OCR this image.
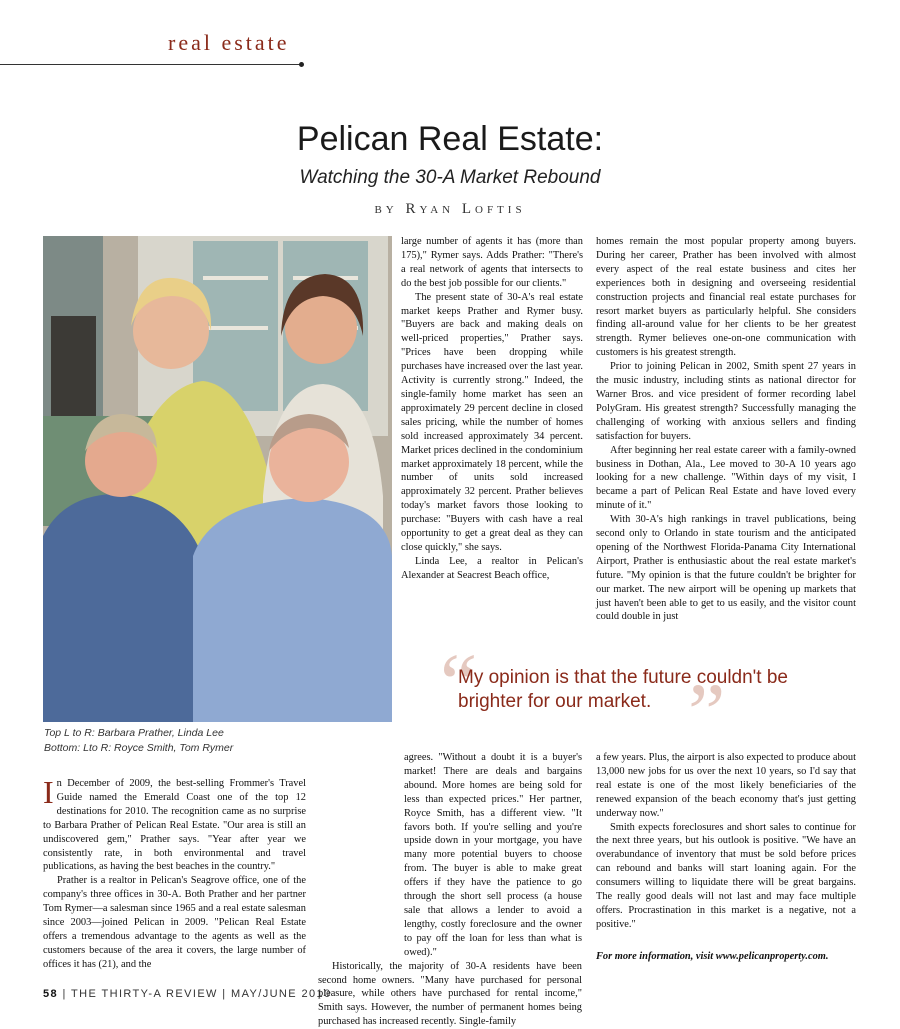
real estate
Pelican Real Estate:
Watching the 30-A Market Rebound
by Ryan Loftis
Top L to R: Barbara Prather, Linda Lee
Bottom: Lto R: Royce Smith, Tom Rymer

In December of 2009, the best-selling Frommer's Travel Guide named the Emerald Coast one of the top 12 destinations for 2010. The recognition came as no surprise to Barbara Prather of Pelican Real Estate. "Our area is still an undiscovered gem," Prather says. "Year after year we consistently rate, in both environmental and travel publications, as having the best beaches in the country."

Prather is a realtor in Pelican's Seagrove office, one of the company's three offices in 30-A. Both Prather and her partner Tom Rymer—a salesman since 1965 and a real estate salesman since 2003—joined Pelican in 2009. "Pelican Real Estate offers a tremendous advantage to the agents as well as the customers because of the area it covers, the large number of offices it has (21), and the

large number of agents it has (more than 175)," Rymer says. Adds Prather: "There's a real network of agents that intersects to do the best job possible for our clients."

The present state of 30-A's real estate market keeps Prather and Rymer busy. "Buyers are back and making deals on well-priced properties," Prather says. "Prices have been dropping while purchases have increased over the last year. Activity is currently strong." Indeed, the single-family home market has seen an approximately 29 percent decline in closed sales pricing, while the number of homes sold increased approximately 34 percent. Market prices declined in the condominium market approximately 18 percent, while the number of units sold increased approximately 32 percent. Prather believes today's market favors those looking to purchase: "Buyers with cash have a real opportunity to get a great deal as they can close quickly," she says.

Linda Lee, a realtor in Pelican's Alexander at Seacrest Beach office,

agrees. "Without a doubt it is a buyer's market! There are deals and bargains abound. More homes are being sold for less than expected prices." Her partner, Royce Smith, has a different view. "It favors both. If you're selling and you're upside down in your mortgage, you have many more potential buyers to choose from. The buyer is able to make great offers if they have the patience to go through the short sell process (a house sale that allows a lender to avoid a lengthy, costly foreclosure and the owner to pay off the loan for less than what is owed)."

Historically, the majority of 30-A residents have been second home owners. "Many have purchased for personal pleasure, while others have purchased for rental income," Smith says. However, the number of permanent homes being purchased has increased recently. Single-family

homes remain the most popular property among buyers. During her career, Prather has been involved with almost every aspect of the real estate business and cites her experiences both in designing and overseeing residential construction projects and financial real estate purchases for resort market buyers as particularly helpful. She considers finding all-around value for her clients to be her greatest strength. Rymer believes one-on-one communication with customers is his greatest strength.

Prior to joining Pelican in 2002, Smith spent 27 years in the music industry, including stints as national director for Warner Bros. and vice president of former recording label PolyGram. His greatest strength? Successfully managing the challenging of working with anxious sellers and finding satisfaction for buyers.

After beginning her real estate career with a family-owned business in Dothan, Ala., Lee moved to 30-A 10 years ago looking for a new challenge. "Within days of my visit, I became a part of Pelican Real Estate and have loved every minute of it."

With 30-A's high rankings in travel publications, being second only to Orlando in state tourism and the anticipated opening of the Northwest Florida-Panama City International Airport, Prather is enthusiastic about the real estate market's future. "My opinion is that the future couldn't be brighter for our market. The new airport will be opening up markets that just haven't been able to get to us easily, and the visitor count could double in just

a few years. Plus, the airport is also expected to produce about 13,000 new jobs for us over the next 10 years, so I'd say that real estate is one of the most likely beneficiaries of the renewed expansion of the beach economy that's just getting underway now."

Smith expects foreclosures and short sales to continue for the next three years, but his outlook is positive. "We have an overabundance of inventory that must be sold before prices can rebound and banks will start loaning again. For the consumers willing to liquidate there will be great bargains. The really good deals will not last and may face multiple offers. Procrastination in this market is a negative, not a positive."

For more information, visit www.pelicanproperty.com.
“	”
My opinion is that the future couldn't be brighter for our market.
58 | THE THIRTY-A REVIEW | MAY/JUNE 2010
